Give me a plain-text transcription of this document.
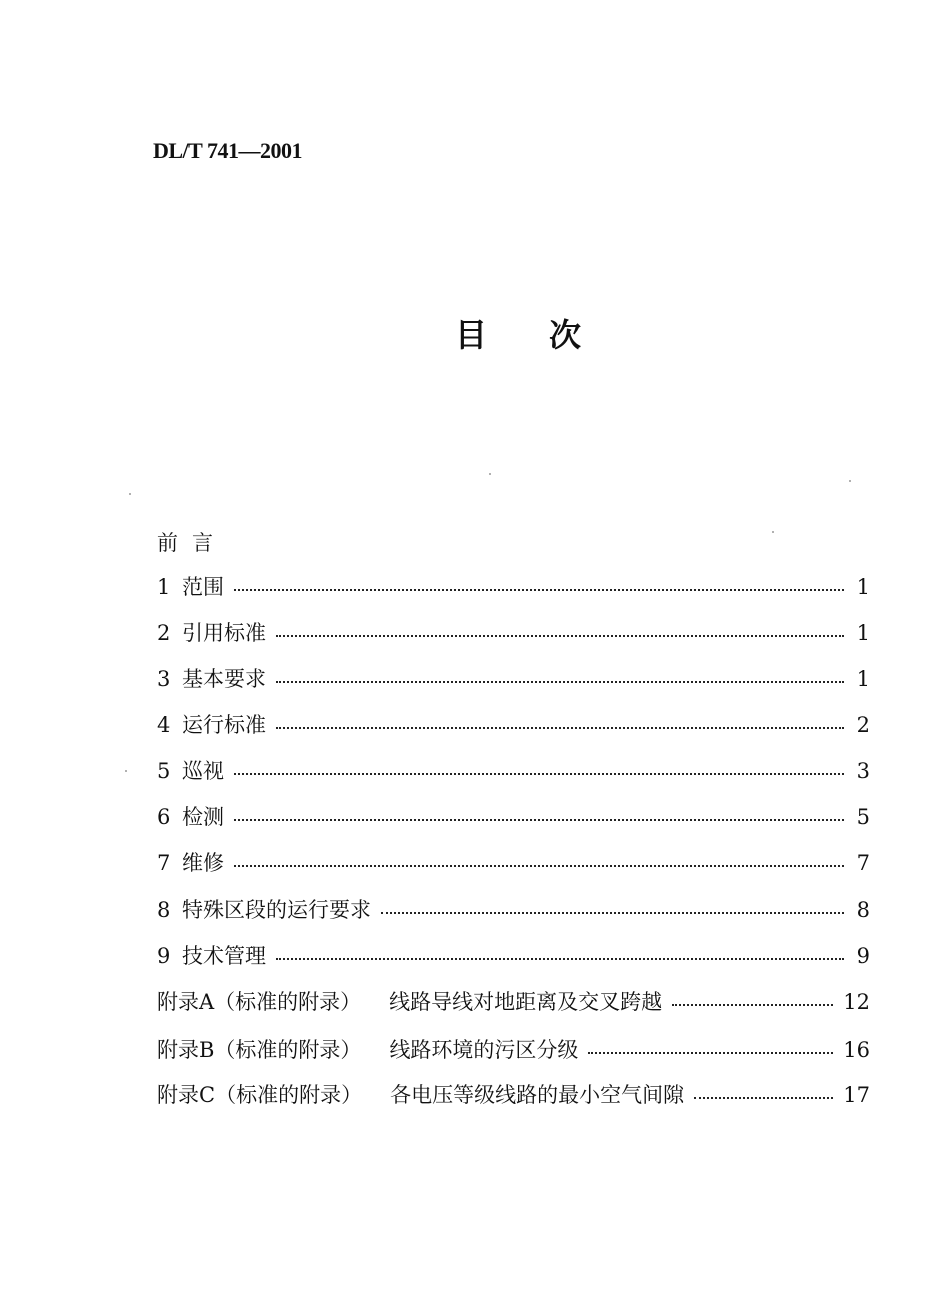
DL/T 741—2001
目 次
前言
1 范围	1
2 引用标准	1
3 基本要求	1
4 运行标准	2
5 巡视	3
6 检测	5
7 维修	7
8 特殊区段的运行要求	8
9 技术管理	9
附录A（标准的附录）	线路导线对地距离及交叉跨越	12
附录B（标准的附录）	线路环境的污区分级	16
附录C（标准的附录）	各电压等级线路的最小空气间隙	17
